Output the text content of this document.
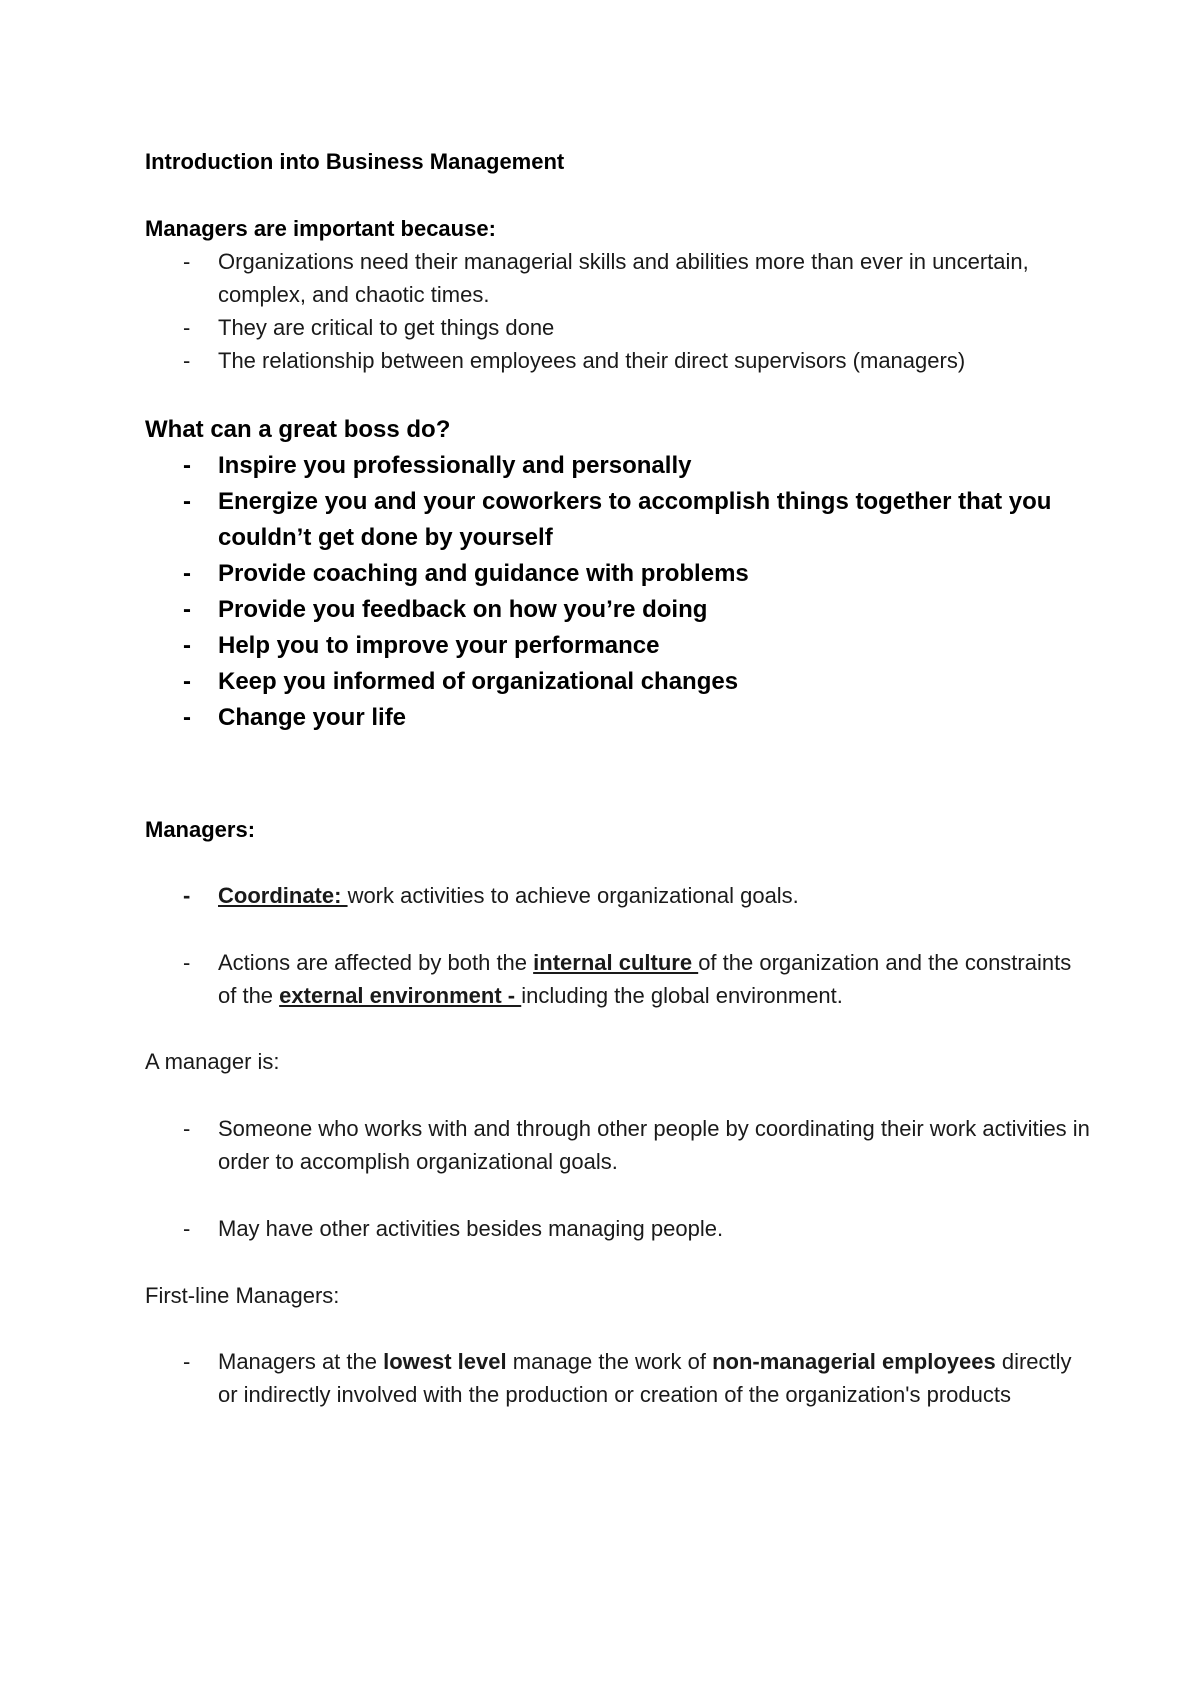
Introduction into Business Management

Managers are important because:

- Organizations need their managerial skills and abilities more than ever in uncertain, complex, and chaotic times.
- They are critical to get things done
- The relationship between employees and their direct supervisors (managers)

What can a great boss do?

- Inspire you professionally and personally
- Energize you and your coworkers to accomplish things together that you couldn’t get done by yourself
- Provide coaching and guidance with problems
- Provide you feedback on how you’re doing
- Help you to improve your performance
- Keep you informed of organizational changes
- Change your life

Managers:

- Coordinate: work activities to achieve organizational goals.
- Actions are affected by both the internal culture of the organization and the constraints of the external environment - including the global environment.

A manager is:

- Someone who works with and through other people by coordinating their work activities in order to accomplish organizational goals.
- May have other activities besides managing people.

First-line Managers:

- Managers at the lowest level manage the work of non-managerial employees directly or indirectly involved with the production or creation of the organization's products
